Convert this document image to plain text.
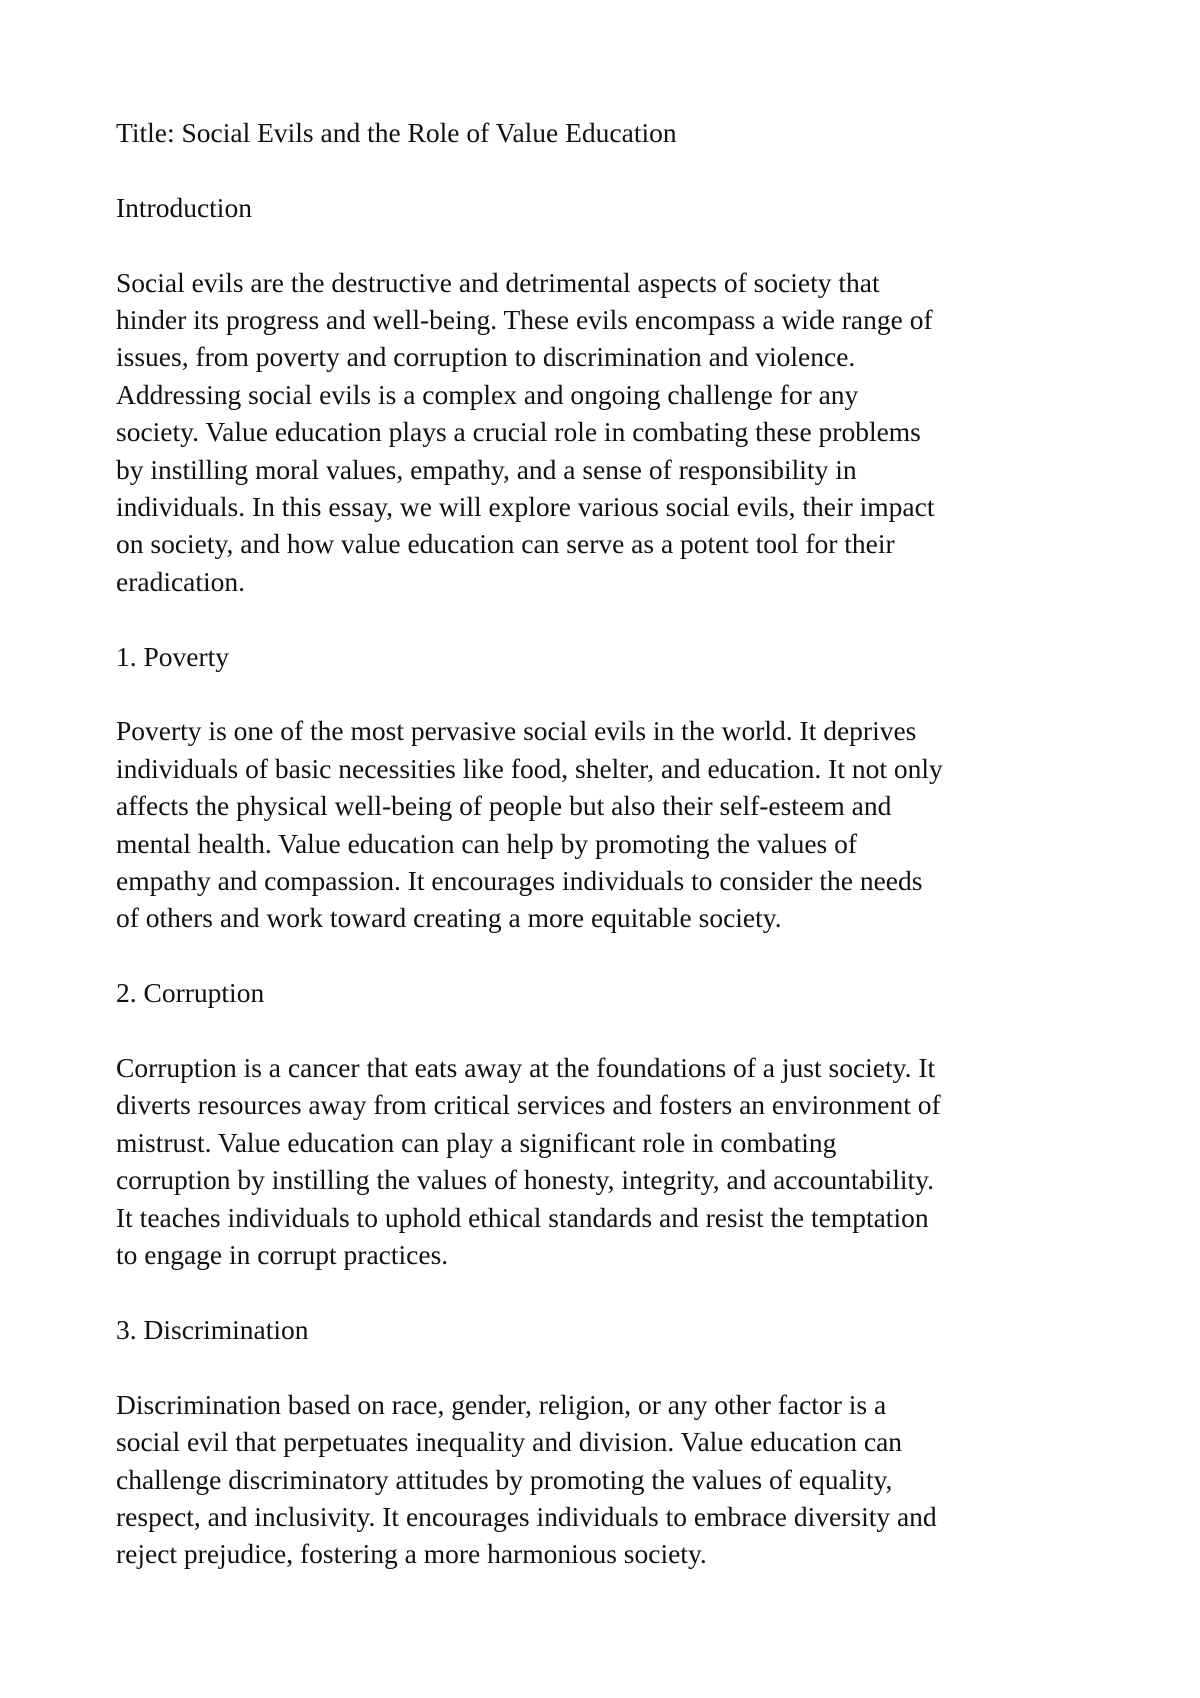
Title: Social Evils and the Role of Value Education
Introduction
Social evils are the destructive and detrimental aspects of society that
hinder its progress and well-being. These evils encompass a wide range of
issues, from poverty and corruption to discrimination and violence.
Addressing social evils is a complex and ongoing challenge for any
society. Value education plays a crucial role in combating these problems
by instilling moral values, empathy, and a sense of responsibility in
individuals. In this essay, we will explore various social evils, their impact
on society, and how value education can serve as a potent tool for their
eradication.
1. Poverty
Poverty is one of the most pervasive social evils in the world. It deprives
individuals of basic necessities like food, shelter, and education. It not only
affects the physical well-being of people but also their self-esteem and
mental health. Value education can help by promoting the values of
empathy and compassion. It encourages individuals to consider the needs
of others and work toward creating a more equitable society.
2. Corruption
Corruption is a cancer that eats away at the foundations of a just society. It
diverts resources away from critical services and fosters an environment of
mistrust. Value education can play a significant role in combating
corruption by instilling the values of honesty, integrity, and accountability.
It teaches individuals to uphold ethical standards and resist the temptation
to engage in corrupt practices.
3. Discrimination
Discrimination based on race, gender, religion, or any other factor is a
social evil that perpetuates inequality and division. Value education can
challenge discriminatory attitudes by promoting the values of equality,
respect, and inclusivity. It encourages individuals to embrace diversity and
reject prejudice, fostering a more harmonious society.
